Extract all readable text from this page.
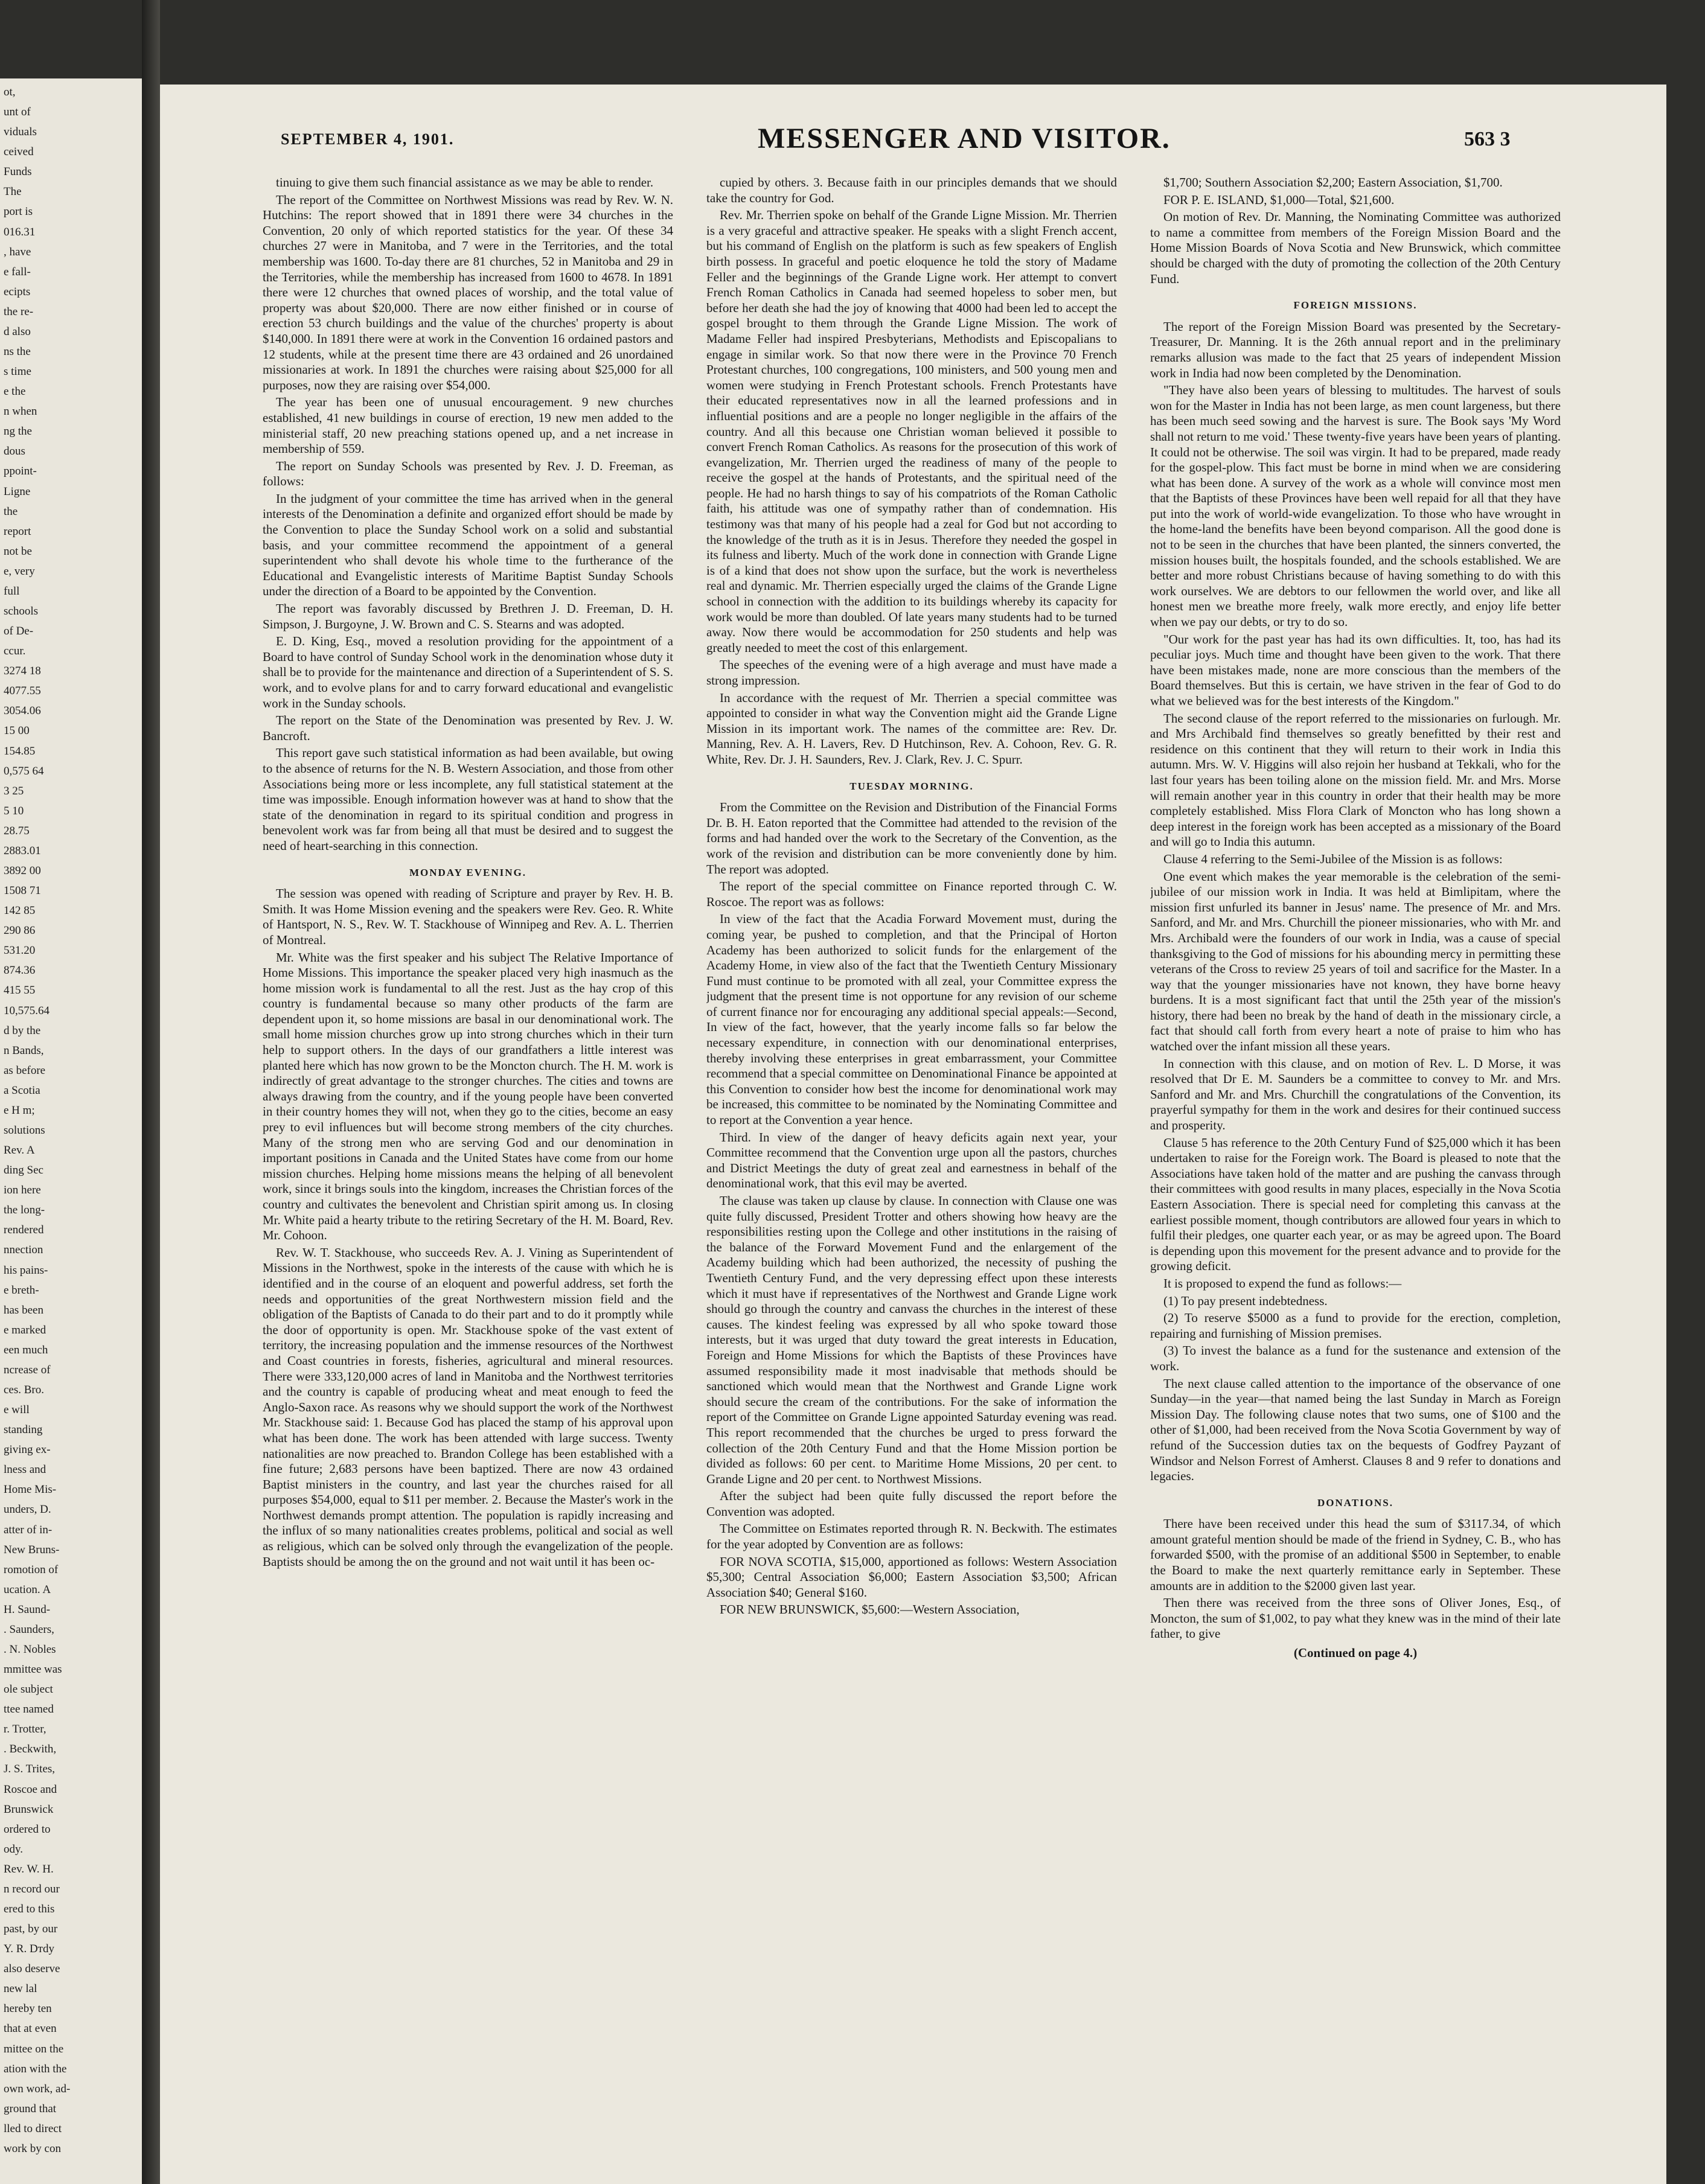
ot,
unt of
viduals
ceived
Funds
The
port is
016.31
, have
e fall-
ecipts
the re-
d also
ns the
s time
e the
n when
ng the
dous
ppoint-
Ligne
the
report
not be
e, very
full
schools
of De-
ccur.
3274 18
4077.55
3054.06
15 00
154.85
0,575 64
3 25
5 10
28.75
2883.01
3892 00
1508 71
142 85
290 86
531.20
874.36
415 55
10,575.64
d by the
n Bands,
as before
a Scotia
e H m;
solutions
Rev. A
ding Sec
ion here
the long-
rendered
nnection
his pains-
e breth-
has been
e marked
een much
ncrease of
ces. Bro.
e will
standing
giving ex-
lness and
Home Mis-
unders, D.
atter of in-
New Bruns-
romotion of
ucation. A
H. Saund-
. Saunders,
. N. Nobles
mmittee was
ole subject
ttee named
r. Trotter,
. Beckwith,
J. S. Trites,
Roscoe and
Brunswick
ordered to
ody.
Rev. W. H.
n record our
ered to this
past, by our
Y. R. Dтdy
also deserve
new lal
hereby ten
that at even
mittee on the
ation with the
own work, ad-
ground that
lled to direct
work by con
SEPTEMBER 4, 1901.	MESSENGER AND VISITOR.	563 3

tinuing to give them such financial assistance as we may be able to render.

The report of the Committee on Northwest Missions was read by Rev. W. N. Hutchins: The report showed that in 1891 there were 34 churches in the Convention, 20 only of which reported statistics for the year. Of these 34 churches 27 were in Manitoba, and 7 were in the Territories, and the total membership was 1600. To-day there are 81 churches, 52 in Manitoba and 29 in the Territories, while the membership has increased from 1600 to 4678. In 1891 there were 12 churches that owned places of worship, and the total value of property was about $20,000. There are now either finished or in course of erection 53 church buildings and the value of the churches' property is about $140,000. In 1891 there were at work in the Convention 16 ordained pastors and 12 students, while at the present time there are 43 ordained and 26 unordained missionaries at work. In 1891 the churches were raising about $25,000 for all purposes, now they are raising over $54,000.

The year has been one of unusual encouragement. 9 new churches established, 41 new buildings in course of erection, 19 new men added to the ministerial staff, 20 new preaching stations opened up, and a net increase in membership of 559.

The report on Sunday Schools was presented by Rev. J. D. Freeman, as follows:

In the judgment of your committee the time has arrived when in the general interests of the Denomination a definite and organized effort should be made by the Convention to place the Sunday School work on a solid and substantial basis, and your committee recommend the appointment of a general superintendent who shall devote his whole time to the furtherance of the Educational and Evangelistic interests of Maritime Baptist Sunday Schools under the direction of a Board to be appointed by the Convention.

The report was favorably discussed by Brethren J. D. Freeman, D. H. Simpson, J. Burgoyne, J. W. Brown and C. S. Stearns and was adopted.

E. D. King, Esq., moved a resolution providing for the appointment of a Board to have control of Sunday School work in the denomination whose duty it shall be to provide for the maintenance and direction of a Superintendent of S. S. work, and to evolve plans for and to carry forward educational and evangelistic work in the Sunday schools.

The report on the State of the Denomination was presented by Rev. J. W. Bancroft.

This report gave such statistical information as had been available, but owing to the absence of returns for the N. B. Western Association, and those from other Associations being more or less incomplete, any full statistical statement at the time was impossible. Enough information however was at hand to show that the state of the denomination in regard to its spiritual condition and progress in benevolent work was far from being all that must be desired and to suggest the need of heart-searching in this connection.

MONDAY EVENING.

The session was opened with reading of Scripture and prayer by Rev. H. B. Smith. It was Home Mission evening and the speakers were Rev. Geo. R. White of Hantsport, N. S., Rev. W. T. Stackhouse of Winnipeg and Rev. A. L. Therrien of Montreal.

Mr. White was the first speaker and his subject The Relative Importance of Home Missions. This importance the speaker placed very high inasmuch as the home mission work is fundamental to all the rest. Just as the hay crop of this country is fundamental because so many other products of the farm are dependent upon it, so home missions are basal in our denominational work. The small home mission churches grow up into strong churches which in their turn help to support others. In the days of our grandfathers a little interest was planted here which has now grown to be the Moncton church. The H. M. work is indirectly of great advantage to the stronger churches. The cities and towns are always drawing from the country, and if the young people have been converted in their country homes they will not, when they go to the cities, become an easy prey to evil influences but will become strong members of the city churches. Many of the strong men who are serving God and our denomination in important positions in Canada and the United States have come from our home mission churches. Helping home missions means the helping of all benevolent work, since it brings souls into the kingdom, increases the Christian forces of the country and cultivates the benevolent and Christian spirit among us. In closing Mr. White paid a hearty tribute to the retiring Secretary of the H. M. Board, Rev. Mr. Cohoon.

Rev. W. T. Stackhouse, who succeeds Rev. A. J. Vining as Superintendent of Missions in the Northwest, spoke in the interests of the cause with which he is identified and in the course of an eloquent and powerful address, set forth the needs and opportunities of the great Northwestern mission field and the obligation of the Baptists of Canada to do their part and to do it promptly while the door of opportunity is open. Mr. Stackhouse spoke of the vast extent of territory, the increasing population and the immense resources of the Northwest and Coast countries in forests, fisheries, agricultural and mineral resources. There were 333,120,000 acres of land in Manitoba and the Northwest territories and the country is capable of producing wheat and meat enough to feed the Anglo-Saxon race. As reasons why we should support the work of the Northwest Mr. Stackhouse said: 1. Because God has placed the stamp of his approval upon what has been done. The work has been attended with large success. Twenty nationalities are now preached to. Brandon College has been established with a fine future; 2,683 persons have been baptized. There are now 43 ordained Baptist ministers in the country, and last year the churches raised for all purposes $54,000, equal to $11 per member. 2. Because the Master's work in the Northwest demands prompt attention. The population is rapidly increasing and the influx of so many nationalities creates problems, political and social as well as religious, which can be solved only through the evangelization of the people. Baptists should be among the on the ground and not wait until it has been oc-

cupied by others. 3. Because faith in our principles demands that we should take the country for God.

Rev. Mr. Therrien spoke on behalf of the Grande Ligne Mission. Mr. Therrien is a very graceful and attractive speaker. He speaks with a slight French accent, but his command of English on the platform is such as few speakers of English birth possess. In graceful and poetic eloquence he told the story of Madame Feller and the beginnings of the Grande Ligne work. Her attempt to convert French Roman Catholics in Canada had seemed hopeless to sober men, but before her death she had the joy of knowing that 4000 had been led to accept the gospel brought to them through the Grande Ligne Mission. The work of Madame Feller had inspired Presbyterians, Methodists and Episcopalians to engage in similar work. So that now there were in the Province 70 French Protestant churches, 100 congregations, 100 ministers, and 500 young men and women were studying in French Protestant schools. French Protestants have their educated representatives now in all the learned professions and in influential positions and are a people no longer negligible in the affairs of the country. And all this because one Christian woman believed it possible to convert French Roman Catholics. As reasons for the prosecution of this work of evangelization, Mr. Therrien urged the readiness of many of the people to receive the gospel at the hands of Protestants, and the spiritual need of the people. He had no harsh things to say of his compatriots of the Roman Catholic faith, his attitude was one of sympathy rather than of condemnation. His testimony was that many of his people had a zeal for God but not according to the knowledge of the truth as it is in Jesus. Therefore they needed the gospel in its fulness and liberty. Much of the work done in connection with Grande Ligne is of a kind that does not show upon the surface, but the work is nevertheless real and dynamic. Mr. Therrien especially urged the claims of the Grande Ligne school in connection with the addition to its buildings whereby its capacity for work would be more than doubled. Of late years many students had to be turned away. Now there would be accommodation for 250 students and help was greatly needed to meet the cost of this enlargement.

The speeches of the evening were of a high average and must have made a strong impression.

In accordance with the request of Mr. Therrien a special committee was appointed to consider in what way the Convention might aid the Grande Ligne Mission in its important work. The names of the committee are: Rev. Dr. Manning, Rev. A. H. Lavers, Rev. D Hutchinson, Rev. A. Cohoon, Rev. G. R. White, Rev. Dr. J. H. Saunders, Rev. J. Clark, Rev. J. C. Spurr.

TUESDAY MORNING.

From the Committee on the Revision and Distribution of the Financial Forms Dr. B. H. Eaton reported that the Committee had attended to the revision of the forms and had handed over the work to the Secretary of the Convention, as the work of the revision and distribution can be more conveniently done by him. The report was adopted.

The report of the special committee on Finance reported through C. W. Roscoe. The report was as follows:

In view of the fact that the Acadia Forward Movement must, during the coming year, be pushed to completion, and that the Principal of Horton Academy has been authorized to solicit funds for the enlargement of the Academy Home, in view also of the fact that the Twentieth Century Missionary Fund must continue to be promoted with all zeal, your Committee express the judgment that the present time is not opportune for any revision of our scheme of current finance nor for encouraging any additional special appeals:—Second, In view of the fact, however, that the yearly income falls so far below the necessary expenditure, in connection with our denominational enterprises, thereby involving these enterprises in great embarrassment, your Committee recommend that a special committee on Denominational Finance be appointed at this Convention to consider how best the income for denominational work may be increased, this committee to be nominated by the Nominating Committee and to report at the Convention a year hence.

Third. In view of the danger of heavy deficits again next year, your Committee recommend that the Convention urge upon all the pastors, churches and District Meetings the duty of great zeal and earnestness in behalf of the denominational work, that this evil may be averted.

The clause was taken up clause by clause. In connection with Clause one was quite fully discussed, President Trotter and others showing how heavy are the responsibilities resting upon the College and other institutions in the raising of the balance of the Forward Movement Fund and the enlargement of the Academy building which had been authorized, the necessity of pushing the Twentieth Century Fund, and the very depressing effect upon these interests which it must have if representatives of the Northwest and Grande Ligne work should go through the country and canvass the churches in the interest of these causes. The kindest feeling was expressed by all who spoke toward those interests, but it was urged that duty toward the great interests in Education, Foreign and Home Missions for which the Baptists of these Provinces have assumed responsibility made it most inadvisable that methods should be sanctioned which would mean that the Northwest and Grande Ligne work should secure the cream of the contributions. For the sake of information the report of the Committee on Grande Ligne appointed Saturday evening was read. This report recommended that the churches be urged to press forward the collection of the 20th Century Fund and that the Home Mission portion be divided as follows: 60 per cent. to Maritime Home Missions, 20 per cent. to Grande Ligne and 20 per cent. to Northwest Missions.

After the subject had been quite fully discussed the report before the Convention was adopted.

The Committee on Estimates reported through R. N. Beckwith. The estimates for the year adopted by Convention are as follows:

FOR NOVA SCOTIA, $15,000, apportioned as follows: Western Association $5,300; Central Association $6,000; Eastern Association $3,500; African Association $40; General $160.

FOR NEW BRUNSWICK, $5,600:—Western Association,

$1,700; Southern Association $2,200; Eastern Association, $1,700.

FOR P. E. ISLAND, $1,000—Total, $21,600.

On motion of Rev. Dr. Manning, the Nominating Committee was authorized to name a committee from members of the Foreign Mission Board and the Home Mission Boards of Nova Scotia and New Brunswick, which committee should be charged with the duty of promoting the collection of the 20th Century Fund.

FOREIGN MISSIONS.

The report of the Foreign Mission Board was presented by the Secretary-Treasurer, Dr. Manning. It is the 26th annual report and in the preliminary remarks allusion was made to the fact that 25 years of independent Mission work in India had now been completed by the Denomination.

"They have also been years of blessing to multitudes. The harvest of souls won for the Master in India has not been large, as men count largeness, but there has been much seed sowing and the harvest is sure. The Book says 'My Word shall not return to me void.' These twenty-five years have been years of planting. It could not be otherwise. The soil was virgin. It had to be prepared, made ready for the gospel-plow. This fact must be borne in mind when we are considering what has been done. A survey of the work as a whole will convince most men that the Baptists of these Provinces have been well repaid for all that they have put into the work of world-wide evangelization. To those who have wrought in the home-land the benefits have been beyond comparison. All the good done is not to be seen in the churches that have been planted, the sinners converted, the mission houses built, the hospitals founded, and the schools established. We are better and more robust Christians because of having something to do with this work ourselves. We are debtors to our fellowmen the world over, and like all honest men we breathe more freely, walk more erectly, and enjoy life better when we pay our debts, or try to do so.

"Our work for the past year has had its own difficulties. It, too, has had its peculiar joys. Much time and thought have been given to the work. That there have been mistakes made, none are more conscious than the members of the Board themselves. But this is certain, we have striven in the fear of God to do what we believed was for the best interests of the Kingdom."

The second clause of the report referred to the missionaries on furlough. Mr. and Mrs Archibald find themselves so greatly benefitted by their rest and residence on this continent that they will return to their work in India this autumn. Mrs. W. V. Higgins will also rejoin her husband at Tekkali, who for the last four years has been toiling alone on the mission field. Mr. and Mrs. Morse will remain another year in this country in order that their health may be more completely established. Miss Flora Clark of Moncton who has long shown a deep interest in the foreign work has been accepted as a missionary of the Board and will go to India this autumn.

Clause 4 referring to the Semi-Jubilee of the Mission is as follows:

One event which makes the year memorable is the celebration of the semi-jubilee of our mission work in India. It was held at Bimlipitam, where the mission first unfurled its banner in Jesus' name. The presence of Mr. and Mrs. Sanford, and Mr. and Mrs. Churchill the pioneer missionaries, who with Mr. and Mrs. Archibald were the founders of our work in India, was a cause of special thanksgiving to the God of missions for his abounding mercy in permitting these veterans of the Cross to review 25 years of toil and sacrifice for the Master. In a way that the younger missionaries have not known, they have borne heavy burdens. It is a most significant fact that until the 25th year of the mission's history, there had been no break by the hand of death in the missionary circle, a fact that should call forth from every heart a note of praise to him who has watched over the infant mission all these years.

In connection with this clause, and on motion of Rev. L. D Morse, it was resolved that Dr E. M. Saunders be a committee to convey to Mr. and Mrs. Sanford and Mr. and Mrs. Churchill the congratulations of the Convention, its prayerful sympathy for them in the work and desires for their continued success and prosperity.

Clause 5 has reference to the 20th Century Fund of $25,000 which it has been undertaken to raise for the Foreign work. The Board is pleased to note that the Associations have taken hold of the matter and are pushing the canvass through their committees with good results in many places, especially in the Nova Scotia Eastern Association. There is special need for completing this canvass at the earliest possible moment, though contributors are allowed four years in which to fulfil their pledges, one quarter each year, or as may be agreed upon. The Board is depending upon this movement for the present advance and to provide for the growing deficit.

It is proposed to expend the fund as follows:—

(1) To pay present indebtedness.

(2) To reserve $5000 as a fund to provide for the erection, completion, repairing and furnishing of Mission premises.

(3) To invest the balance as a fund for the sustenance and extension of the work.

The next clause called attention to the importance of the observance of one Sunday—in the year—that named being the last Sunday in March as Foreign Mission Day. The following clause notes that two sums, one of $100 and the other of $1,000, had been received from the Nova Scotia Government by way of refund of the Succession duties tax on the bequests of Godfrey Payzant of Windsor and Nelson Forrest of Amherst. Clauses 8 and 9 refer to donations and legacies.

DONATIONS.

There have been received under this head the sum of $3117.34, of which amount grateful mention should be made of the friend in Sydney, C. B., who has forwarded $500, with the promise of an additional $500 in September, to enable the Board to make the next quarterly remittance early in September. These amounts are in addition to the $2000 given last year.

Then there was received from the three sons of Oliver Jones, Esq., of Moncton, the sum of $1,002, to pay what they knew was in the mind of their late father, to give

(Continued on page 4.)
